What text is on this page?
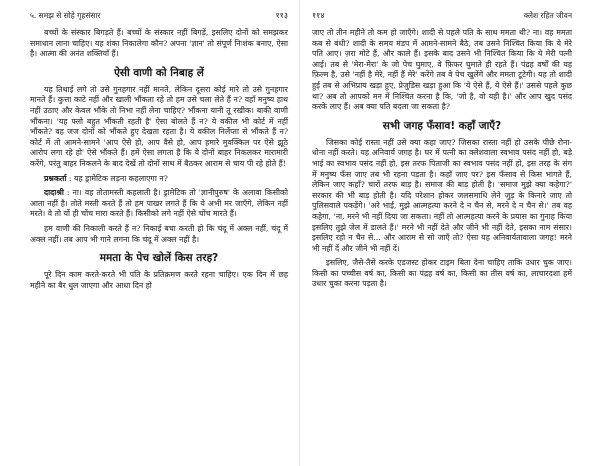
५. समझ से सोहे गृहसंसार	११३

बच्चों के संस्कार बिगड़ते हैं। बच्चों के संस्कार नहीं बिगड़ें, इसलिए दोनों को समझकर समाधान लाना चाहिए। यह शंका निकालेगा कौन? अपना 'ज्ञान' तो संपूर्ण निःशंक बनाए, ऐसा है। आत्मा की अनंत शक्तियाँ हैं।

ऐसी वाणी को निबाह लें

यह तिथाई लगे तो उसे गुनहगार नहीं मानते, लेकिन दूसरा कोई मारे तो उसे गुनहगार मानते हैं। कुत्ता काटे नहीं और खाली भौंकता रहे तो हम उसे चला लेते हैं न? वहाँ मनुष्य हाथ नहीं उठाए और केवल भौंके तो निभा नहीं लेना चाहिए? भौंकना यानी तू रखीक। बाकी वाणी भौंकना। 'यह फ्लो बहुत भौंकती रहती है' ऐसा बोलते हैं न? ये वकील भी कोर्ट में नहीं भौंकते? वह जज दोनों को भौंकते हुए देखता रहता है। ये वकील निर्लेप्ता से भौंकते हैं न? कोर्ट में तो आमने-सामने 'आप ऐसे हो, आप वैसे हो, आप हमारे मुवक्किल पर ऐसे झूठे आरोप लगा रहे हो' ऐसे भौंकते हैं। हमें ऐसा लगता है कि ये दोनों बाहर निकलकर मारामारी करेंगे, परंतु बाहर निकलने के बाद देखें तो दोनों साथ में बैठकर आराम से चाय पी रहे होते हैं!

प्रश्नकर्ता : यह ड्रामेटिक लड़ना कहलाएगा न?

दादाश्री : ना। वह तोतामस्ती कहलाती है। ड्रामेटिक तो 'ज्ञानीपुरुष' के अलावा किसीको आता नहीं है। तोते मस्ती करते हैं तो हम पाखर लगते हैं कि ये अभी मर जाएँगे, लेकिन नहीं मरते। वे तो यों ही चोंच मारा करते हैं। किसीको लगे नहीं ऐसे चोंच मारते हैं।

हम वाणी की निकाली करते हैं न? निकाई बचा करती हो कि चंदू में अक्ल नहीं, चंदू में अक्ल नहीं। तब आप भी गाने लगना कि चंदू में अक्ल नहीं है।

ममता के पेच खोलें किस तरह?

पूरे दिन काम करते-करते भी पति के प्रतिक्रमण करते रहना चाहिए। एक दिन में छह महीने का बैर धुल जाएगा और आधा दिन हो

११४	क्लेश रहित जीवन

जाए तो तीन महीने तो कम हो जाएँगे। शादी से पहले पति के साथ ममता थी? ना। वह ममता कब से बंधी? शादी के समय मंडप में आमने-सामने बैठे, तब उसने निश्चित किया कि ये मेरे पति आए। ज़रा मोटे हैं, और काले हैं। इसके बाद उसने भी निश्चित किया कि ये मेरी पत्नी आई। तब से 'मेरा-मेरा' के जो पेच घुमाए, वे फ़िफर घुमाते ही रहते हैं। पंद्रह वर्षों की यह फ़िल्म है, उसे 'नहीं है मेरे, नहीं हैं मेरे' करेंगे तब वे पेच खुलेंगे और ममता टूटेगी। यह तो शादी हुई तब से अभिप्राय खड़ा हुए, प्रेजुडिस खड़ा हुआ कि 'ये ऐसे हैं, ये ऐसे हैं।' उससे पहले कुछ था? अब तो आपको मन में निश्चित करना है कि, 'जो है, वो यही है।' और आप खुद पसंद करके लाए हैं। अब क्या पति बदला जा सकता है?

सभी जगह फँसाव! कहाँ जाएँ?

जिसका कोई रास्ता नहीं उसे क्या कहा जाए? जिसका रास्ता नहीं हो उसके पीछे रोना-धोना नहीं करते। यह अनिवार्य जगह है। घर में पत्नी का क्लेशवाला स्वभाव पसंद नहीं हो, बड़े भाई का स्वभाव पसंद नहीं हो, इस तरफ पिताजी का स्वभाव पसंद नहीं हो, इस तरह के संग में मनुष्य फँस जाए तब भी रहना पड़ता है। कहाँ जाए पर? इस फँसाव से किस भागते हैं, लेकिन जाए कहाँ? चारों तरफ बाड़ है। समाज की बाड़ होती है। 'समाज मुझे क्या कहेगा?' सरकार की भी बाड़ होती है। यदि परेशान होकर जलसमाधि लेने जुड़ के किनारे जाए तो पुलिसवाले पकड़ेंगे। 'अरे भाई, मुझे आत्महत्या करने दे न चैन से, मरने दे न चैन से।' तब वह कहेगा, 'ना, मरने भी नहीं दिया जा सकता। नहीं तो आत्महत्या करने के प्रयास का गुनाह किया इसलिए तुझे जेल में डालते हैं।' मरने भी नहीं देते और जीने भी नहीं देते, इसका नाम संसार। इसलिए रहो न चैन से... और आराम से सो जाएँ तो? ऐसा यह अनिवार्यतावाला जगह! मरने भी नहीं दें और जीने भी नहीं दें।

इसलिए, जैसे-तैसे करके एडजस्ट होकर टाइम बिता देना चाहिए ताकि उधार चुक जाए। किसी का पच्चीस वर्ष का, किसी का पंद्रह वर्ष का, किसी का तीस वर्ष का, लाचारदशा हमें उधार चुका करना पड़ता है।
